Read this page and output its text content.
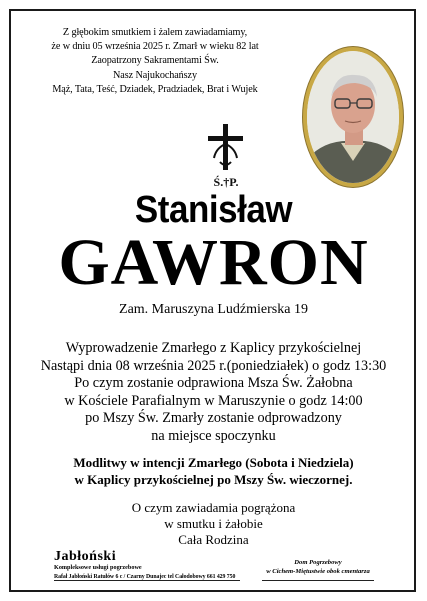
Z głębokim smutkiem i żalem zawiadamiamy,
że w dniu 05 września 2025 r. Zmarł w wieku 82 lat
Zaopatrzony Sakramentami Św.
Nasz Najukochańszy
Mąż, Tata, Teść, Dziadek, Pradziadek, Brat i Wujek
Ś.†P.
Stanisław
GAWRON
Zam. Maruszyna Ludźmierska 19
Wyprowadzenie Zmarłego z Kaplicy przykościelnej
Nastąpi dnia 08 września 2025 r.(poniedziałek) o godz 13:30
Po czym zostanie odprawiona Msza Św. Żałobna
w Kościele Parafialnym w Maruszynie o godz 14:00
po Mszy Św. Zmarły zostanie odprowadzony
na miejsce spoczynku
Modlitwy w intencji Zmarłego (Sobota i Niedziela)
w Kaplicy przykościelnej po Mszy Św. wieczornej.
O czym zawiadamia pogrążona
w smutku i żałobie
Cała Rodzina
Jabłoński
Kompleksowe usługi pogrzebowe
Rafał Jabłoński Ratułów 6 c / Czarny Dunajec tel Całodobowy 661 429 750
Dom Pogrzebowy
w Cichem-Miętustwie obok cmentarza
